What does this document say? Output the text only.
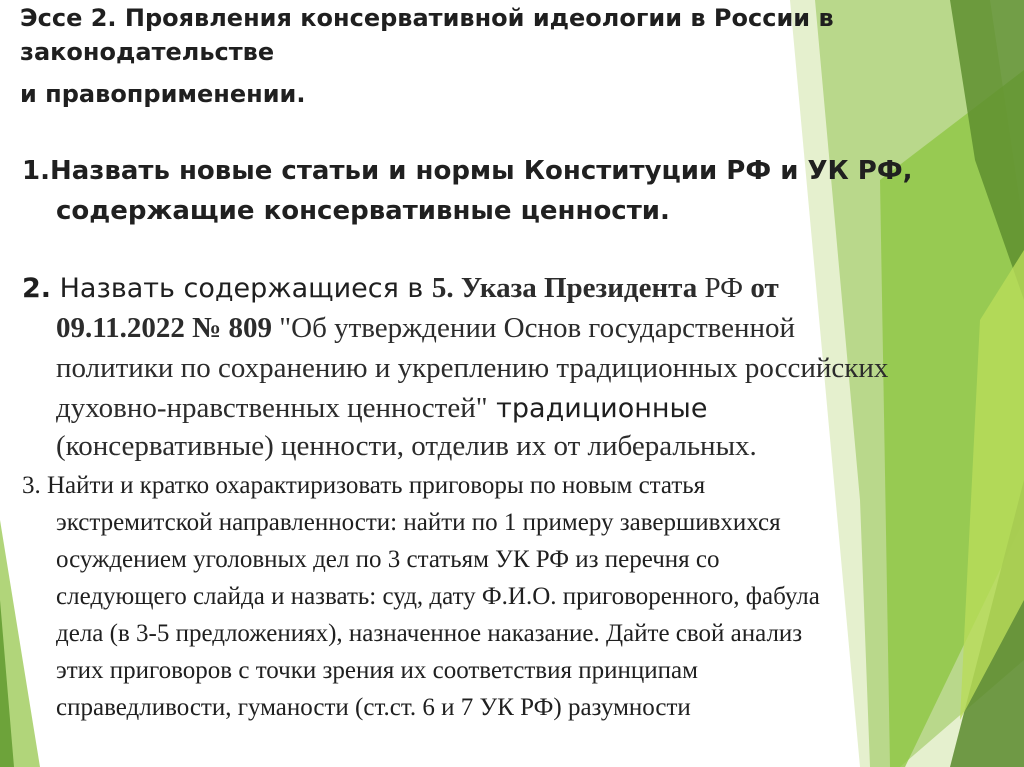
Эссе 2. Проявления консервативной идеологии в России в
законодательстве
и правоприменении.
1.Назвать новые статьи и нормы Конституции РФ и УК РФ,
содержащие консервативные ценности.
2. Назвать содержащиеся в 5. Указа Президента РФ от
09.11.2022 № 809 "Об утверждении Основ государственной
политики по сохранению и укреплению традиционных российских
духовно-нравственных ценностей" традиционные
(консервативные) ценности, отделив их от либеральных.
3. Найти и кратко охарактиризовать приговоры по новым статья
экстремитской направленности: найти по 1 примеру завершивхихся
осуждением уголовных дел по 3 статьям УК РФ из перечня со
следующего слайда и назвать: суд, дату Ф.И.О. приговоренного, фабула
дела (в 3-5 предложениях), назначенное наказание. Дайте свой анализ
этих приговоров с точки зрения их соответствия принципам
справедливости, гуманости (ст.ст. 6 и 7 УК РФ) разумности
